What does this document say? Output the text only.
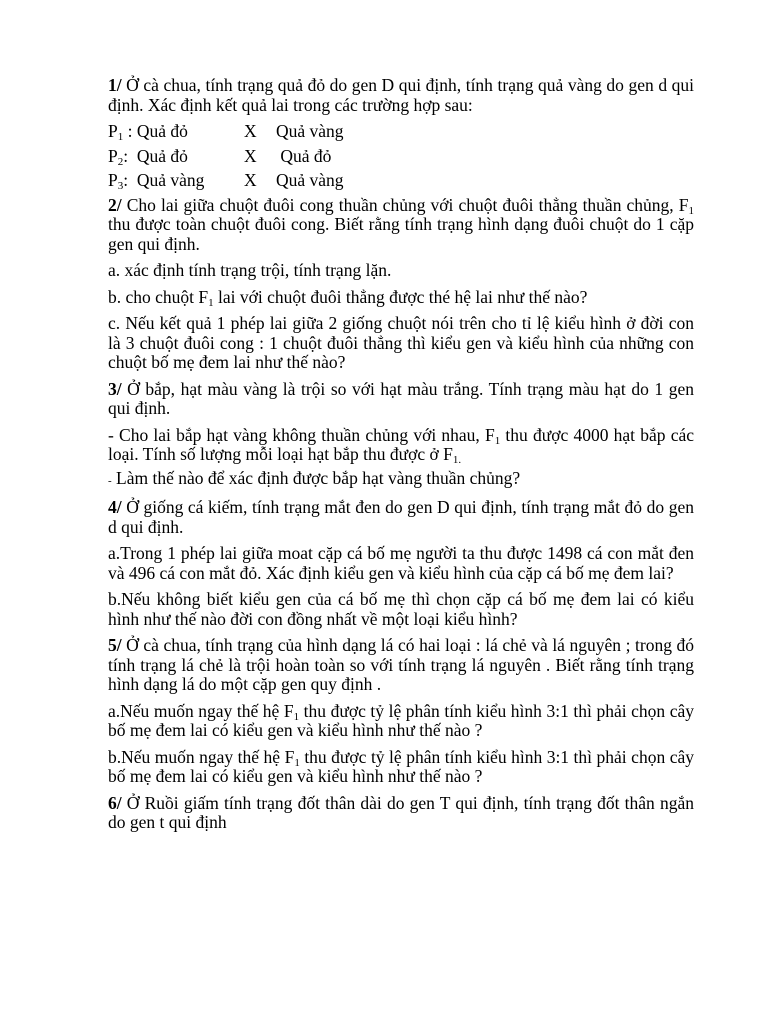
1/ Ở cà chua, tính trạng quả đỏ do gen D qui định, tính trạng quả vàng do gen d qui định. Xác định kết quả lai trong các trường hợp sau:

$P_1$ : Quả đỏ	X	Quả vàng
$P_2$:  Quả đỏ	X	Quả đỏ
$P_3$:  Quả vàng	X	Quả vàng

2/ Cho lai giữa chuột đuôi cong thuần chủng với chuột đuôi thẳng thuần chủng, $F_1$ thu được toàn chuột đuôi cong. Biết rằng tính trạng hình dạng đuôi chuột do 1 cặp gen qui định.

a. xác định tính trạng trội, tính trạng lặn.

b. cho chuột $F_1$ lai với chuột đuôi thẳng được thé hệ lai như thế nào?

c. Nếu kết quả 1 phép lai giữa 2 giống chuột nói trên cho tỉ lệ kiểu hình ở đời con là 3 chuột đuôi cong : 1 chuột đuôi thẳng thì kiểu gen và kiểu hình của những con chuột bố mẹ đem lai như thế nào?

3/ Ở bắp, hạt màu vàng là trội so với hạt màu trắng. Tính trạng màu hạt do 1 gen qui định.

- Cho lai bắp hạt vàng không thuần chủng với nhau, $F_1$ thu được 4000 hạt bắp các loại. Tính số lượng mỗi loại hạt bắp thu được ở $F_{1.}$

- Làm thế nào để xác định được bắp hạt vàng thuần chủng?

4/ Ở giống cá kiếm, tính trạng mắt đen do gen D qui định, tính trạng mắt đỏ do gen d qui định.

a.Trong 1 phép lai giữa moat cặp cá bố mẹ người ta thu được 1498 cá con mắt đen và 496 cá con mắt đỏ. Xác định kiểu gen và kiểu hình của cặp cá bố mẹ đem lai?

b.Nếu không biết kiểu gen của cá bố mẹ thì chọn cặp cá bố mẹ đem lai có kiểu hình như thế nào đời con đồng nhất về một loại kiểu hình?

5/ Ở cà chua, tính trạng của hình dạng lá có hai loại : lá chẻ và lá nguyên ; trong đó tính trạng lá chẻ là trội hoàn toàn so với tính trạng lá nguyên . Biết rằng tính trạng hình dạng lá do một cặp gen quy định .

a.Nếu muốn ngay thế hệ $F_1$ thu được tỷ lệ phân tính kiểu hình 3:1 thì phải chọn cây bố mẹ đem lai có kiểu gen và kiểu hình như thế nào ?

b.Nếu muốn ngay thế hệ $F_1$ thu được tỷ lệ phân tính kiểu hình 3:1 thì phải chọn cây bố mẹ đem lai có kiểu gen và kiểu hình như thế nào ?

6/ Ở Ruồi giấm tính trạng đốt thân dài do gen T qui định, tính trạng đốt thân ngắn do gen t qui định
